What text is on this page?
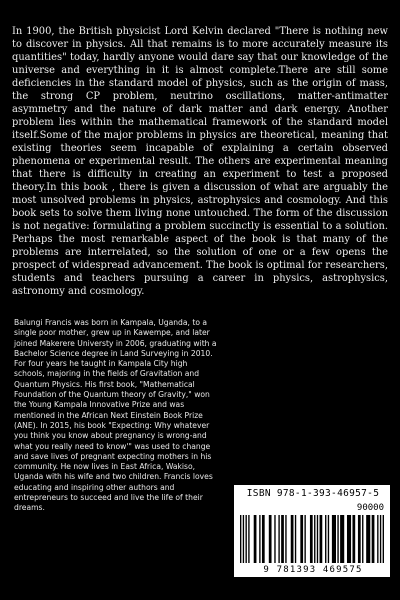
In 1900, the British physicist Lord Kelvin declared "There is nothing new to discover in physics. All that remains is to more accurately measure its quantities" today, hardly anyone would dare say that our knowledge of the universe and everything in it is almost complete.There are still some deficiencies in the standard model of physics, such as the origin of mass, the strong CP problem, neutrino oscillations, matter-antimatter asymmetry and the nature of dark matter and dark energy. Another problem lies within the mathematical framework of the standard model itself.Some of the major problems in physics are theoretical, meaning that existing theories seem incapable of explaining a certain observed phenomena or experimental result. The others are experimental meaning that there is difficulty in creating an experiment to test a proposed theory.In this book , there is given a discussion of what are arguably the most unsolved problems in physics, astrophysics and cosmology. And this book sets to solve them living none untouched. The form of the discussion is not negative: formulating a problem succinctly is essential to a solution. Perhaps the most remarkable aspect of the book is that many of the problems are interrelated, so the solution of one or a few opens the prospect of widespread advancement. The book is optimal for researchers, students and teachers pursuing a career in physics, astrophysics, astronomy and cosmology.

Balungi Francis was born in Kampala, Uganda, to a single poor mother, grew up in Kawempe, and later joined Makerere Universty in 2006, graduating with a Bachelor Science degree in Land Surveying in 2010. For four years he taught in Kampala City high schools, majoring in the fields of Gravitation and Quantum Physics. His first book, "Mathematical Foundation of the Quantum theory of Gravity," won the Young Kampala Innovative Prize and was mentioned in the African Next Einstein Book Prize (ANE). In 2015, his book "Expecting: Why whatever you think you know about pregnancy is wrong-and what you really need to know'" was used to change and save lives of pregnant expecting mothers in his community. He now lives in East Africa, Wakiso, Uganda with his wife and two children. Francis loves educating and inspiring other authors and entrepreneurs to succeed and live the life of their dreams.

ISBN 978-1-393-46957-5
90000
9 781393 469575
